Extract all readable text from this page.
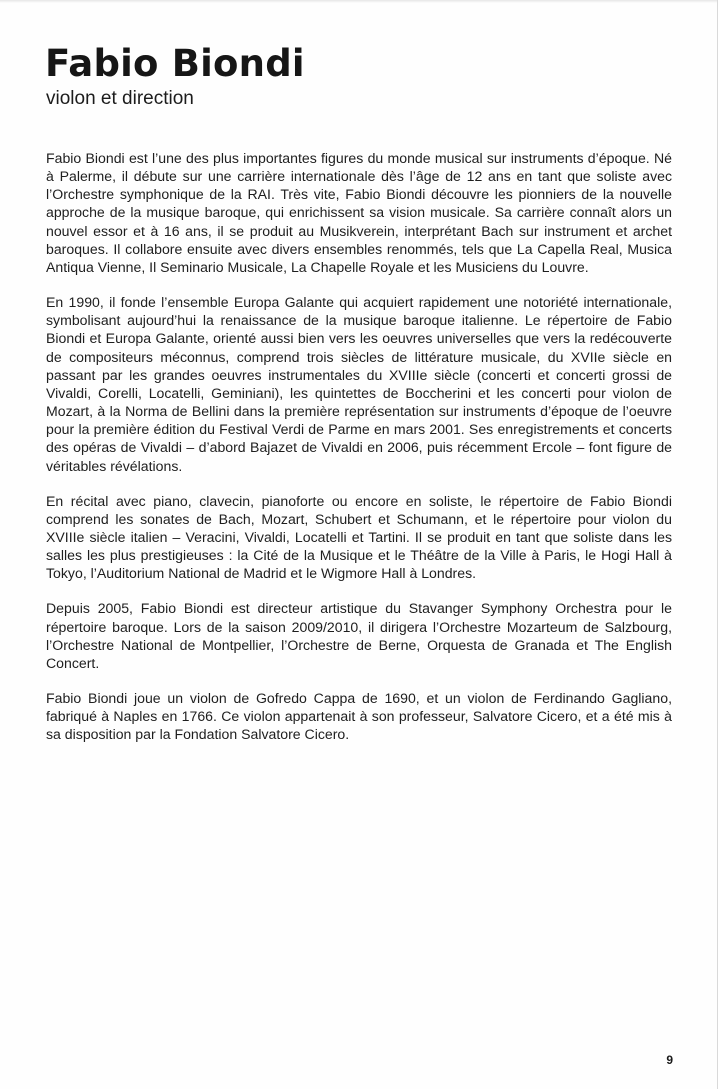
Fabio Biondi
violon et direction

Fabio Biondi est l’une des plus importantes figures du monde musical sur instruments d’époque. Né à Palerme, il débute sur une carrière internationale dès l’âge de 12 ans en tant que soliste avec l’Orchestre symphonique de la RAI. Très vite, Fabio Biondi découvre les pionniers de la nouvelle approche de la musique baroque, qui enrichissent sa vision musicale. Sa carrière connaît alors un nouvel essor et à 16 ans, il se produit au Musikverein, interprétant Bach sur instrument et archet baroques. Il collabore ensuite avec divers ensembles renommés, tels que La Capella Real, Musica Antiqua Vienne, Il Seminario Musicale, La Chapelle Royale et les Musiciens du Louvre.

En 1990, il fonde l’ensemble Europa Galante qui acquiert rapidement une notoriété internationale, symbolisant aujourd’hui la renaissance de la musique baroque italienne. Le répertoire de Fabio Biondi et Europa Galante, orienté aussi bien vers les oeuvres universelles que vers la redécouverte de compositeurs méconnus, comprend trois siècles de littérature musicale, du XVIIe siècle en passant par les grandes oeuvres instrumentales du XVIIIe siècle (concerti et concerti grossi de Vivaldi, Corelli, Locatelli, Geminiani), les quintettes de Boccherini et les concerti pour violon de Mozart, à la Norma de Bellini dans la première représentation sur instruments d’époque de l’oeuvre pour la première édition du Festival Verdi de Parme en mars 2001. Ses enregistrements et concerts des opéras de Vivaldi – d’abord Bajazet de Vivaldi en 2006, puis récemment Ercole – font figure de véritables révélations.

En récital avec piano, clavecin, pianoforte ou encore en soliste, le répertoire de Fabio Biondi comprend les sonates de Bach, Mozart, Schubert et Schumann, et le répertoire pour violon du XVIIIe siècle italien – Veracini, Vivaldi, Locatelli et Tartini. Il se produit en tant que soliste dans les salles les plus prestigieuses : la Cité de la Musique et le Théâtre de la Ville à Paris, le Hogi Hall à Tokyo, l’Auditorium National de Madrid et le Wigmore Hall à Londres.

Depuis 2005, Fabio Biondi est directeur artistique du Stavanger Symphony Orchestra pour le répertoire baroque. Lors de la saison 2009/2010, il dirigera l’Orchestre Mozarteum de Salzbourg, l’Orchestre National de Montpellier, l’Orchestre de Berne, Orquesta de Granada et The English Concert.

Fabio Biondi joue un violon de Gofredo Cappa de 1690, et un violon de Ferdinando Gagliano, fabriqué à Naples en 1766. Ce violon appartenait à son professeur, Salvatore Cicero, et a été mis à sa disposition par la Fondation Salvatore Cicero.

9
